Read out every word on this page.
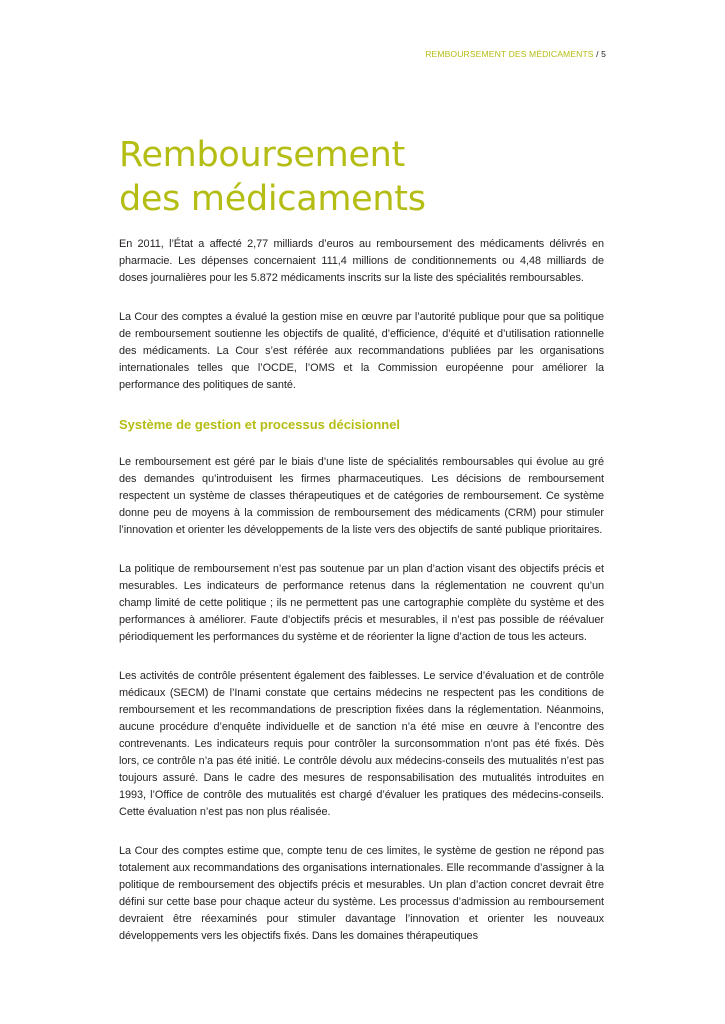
REMBOURSEMENT DES MÉDICAMENTS / 5
Remboursement
des médicaments

En 2011, l’État a affecté 2,77 milliards d’euros au remboursement des médicaments délivrés en pharmacie. Les dépenses concernaient 111,4 millions de conditionnements ou 4,48 milliards de doses journalières pour les 5.872 médicaments inscrits sur la liste des spécialités remboursables.

La Cour des comptes a évalué la gestion mise en œuvre par l’autorité publique pour que sa politique de remboursement soutienne les objectifs de qualité, d’efficience, d’équité et d’utilisation rationnelle des médicaments. La Cour s’est référée aux recommandations publiées par les organisations internationales telles que l’OCDE, l’OMS et la Commission européenne pour améliorer la performance des politiques de santé.

Système de gestion et processus décisionnel

Le remboursement est géré par le biais d’une liste de spécialités remboursables qui évolue au gré des demandes qu’introduisent les firmes pharmaceutiques. Les décisions de remboursement respectent un système de classes thérapeutiques et de catégories de remboursement. Ce système donne peu de moyens à la commission de remboursement des médicaments (CRM) pour stimuler l’innovation et orienter les développements de la liste vers des objectifs de santé publique prioritaires.

La politique de remboursement n’est pas soutenue par un plan d’action visant des objectifs précis et mesurables. Les indicateurs de performance retenus dans la réglementation ne couvrent qu’un champ limité de cette politique ; ils ne permettent pas une cartographie complète du système et des performances à améliorer. Faute d’objectifs précis et mesurables, il n’est pas possible de réévaluer périodiquement les performances du système et de réorienter la ligne d’action de tous les acteurs.

Les activités de contrôle présentent également des faiblesses. Le service d’évaluation et de contrôle médicaux (SECM) de l’Inami constate que certains médecins ne respectent pas les conditions de remboursement et les recommandations de prescription fixées dans la réglementation. Néanmoins, aucune procédure d’enquête individuelle et de sanction n’a été mise en œuvre à l’encontre des contrevenants. Les indicateurs requis pour contrôler la surconsommation n’ont pas été fixés. Dès lors, ce contrôle n’a pas été initié. Le contrôle dévolu aux médecins-conseils des mutualités n’est pas toujours assuré. Dans le cadre des mesures de responsabilisation des mutualités introduites en 1993, l’Office de contrôle des mutualités est chargé d’évaluer les pratiques des médecins-conseils. Cette évaluation n’est pas non plus réalisée.

La Cour des comptes estime que, compte tenu de ces limites, le système de gestion ne répond pas totalement aux recommandations des organisations internationales. Elle recommande d’assigner à la politique de remboursement des objectifs précis et mesurables. Un plan d’action concret devrait être défini sur cette base pour chaque acteur du système. Les processus d’admission au remboursement devraient être réexaminés pour stimuler davantage l’innovation et orienter les nouveaux développements vers les objectifs fixés. Dans les domaines thérapeutiques
